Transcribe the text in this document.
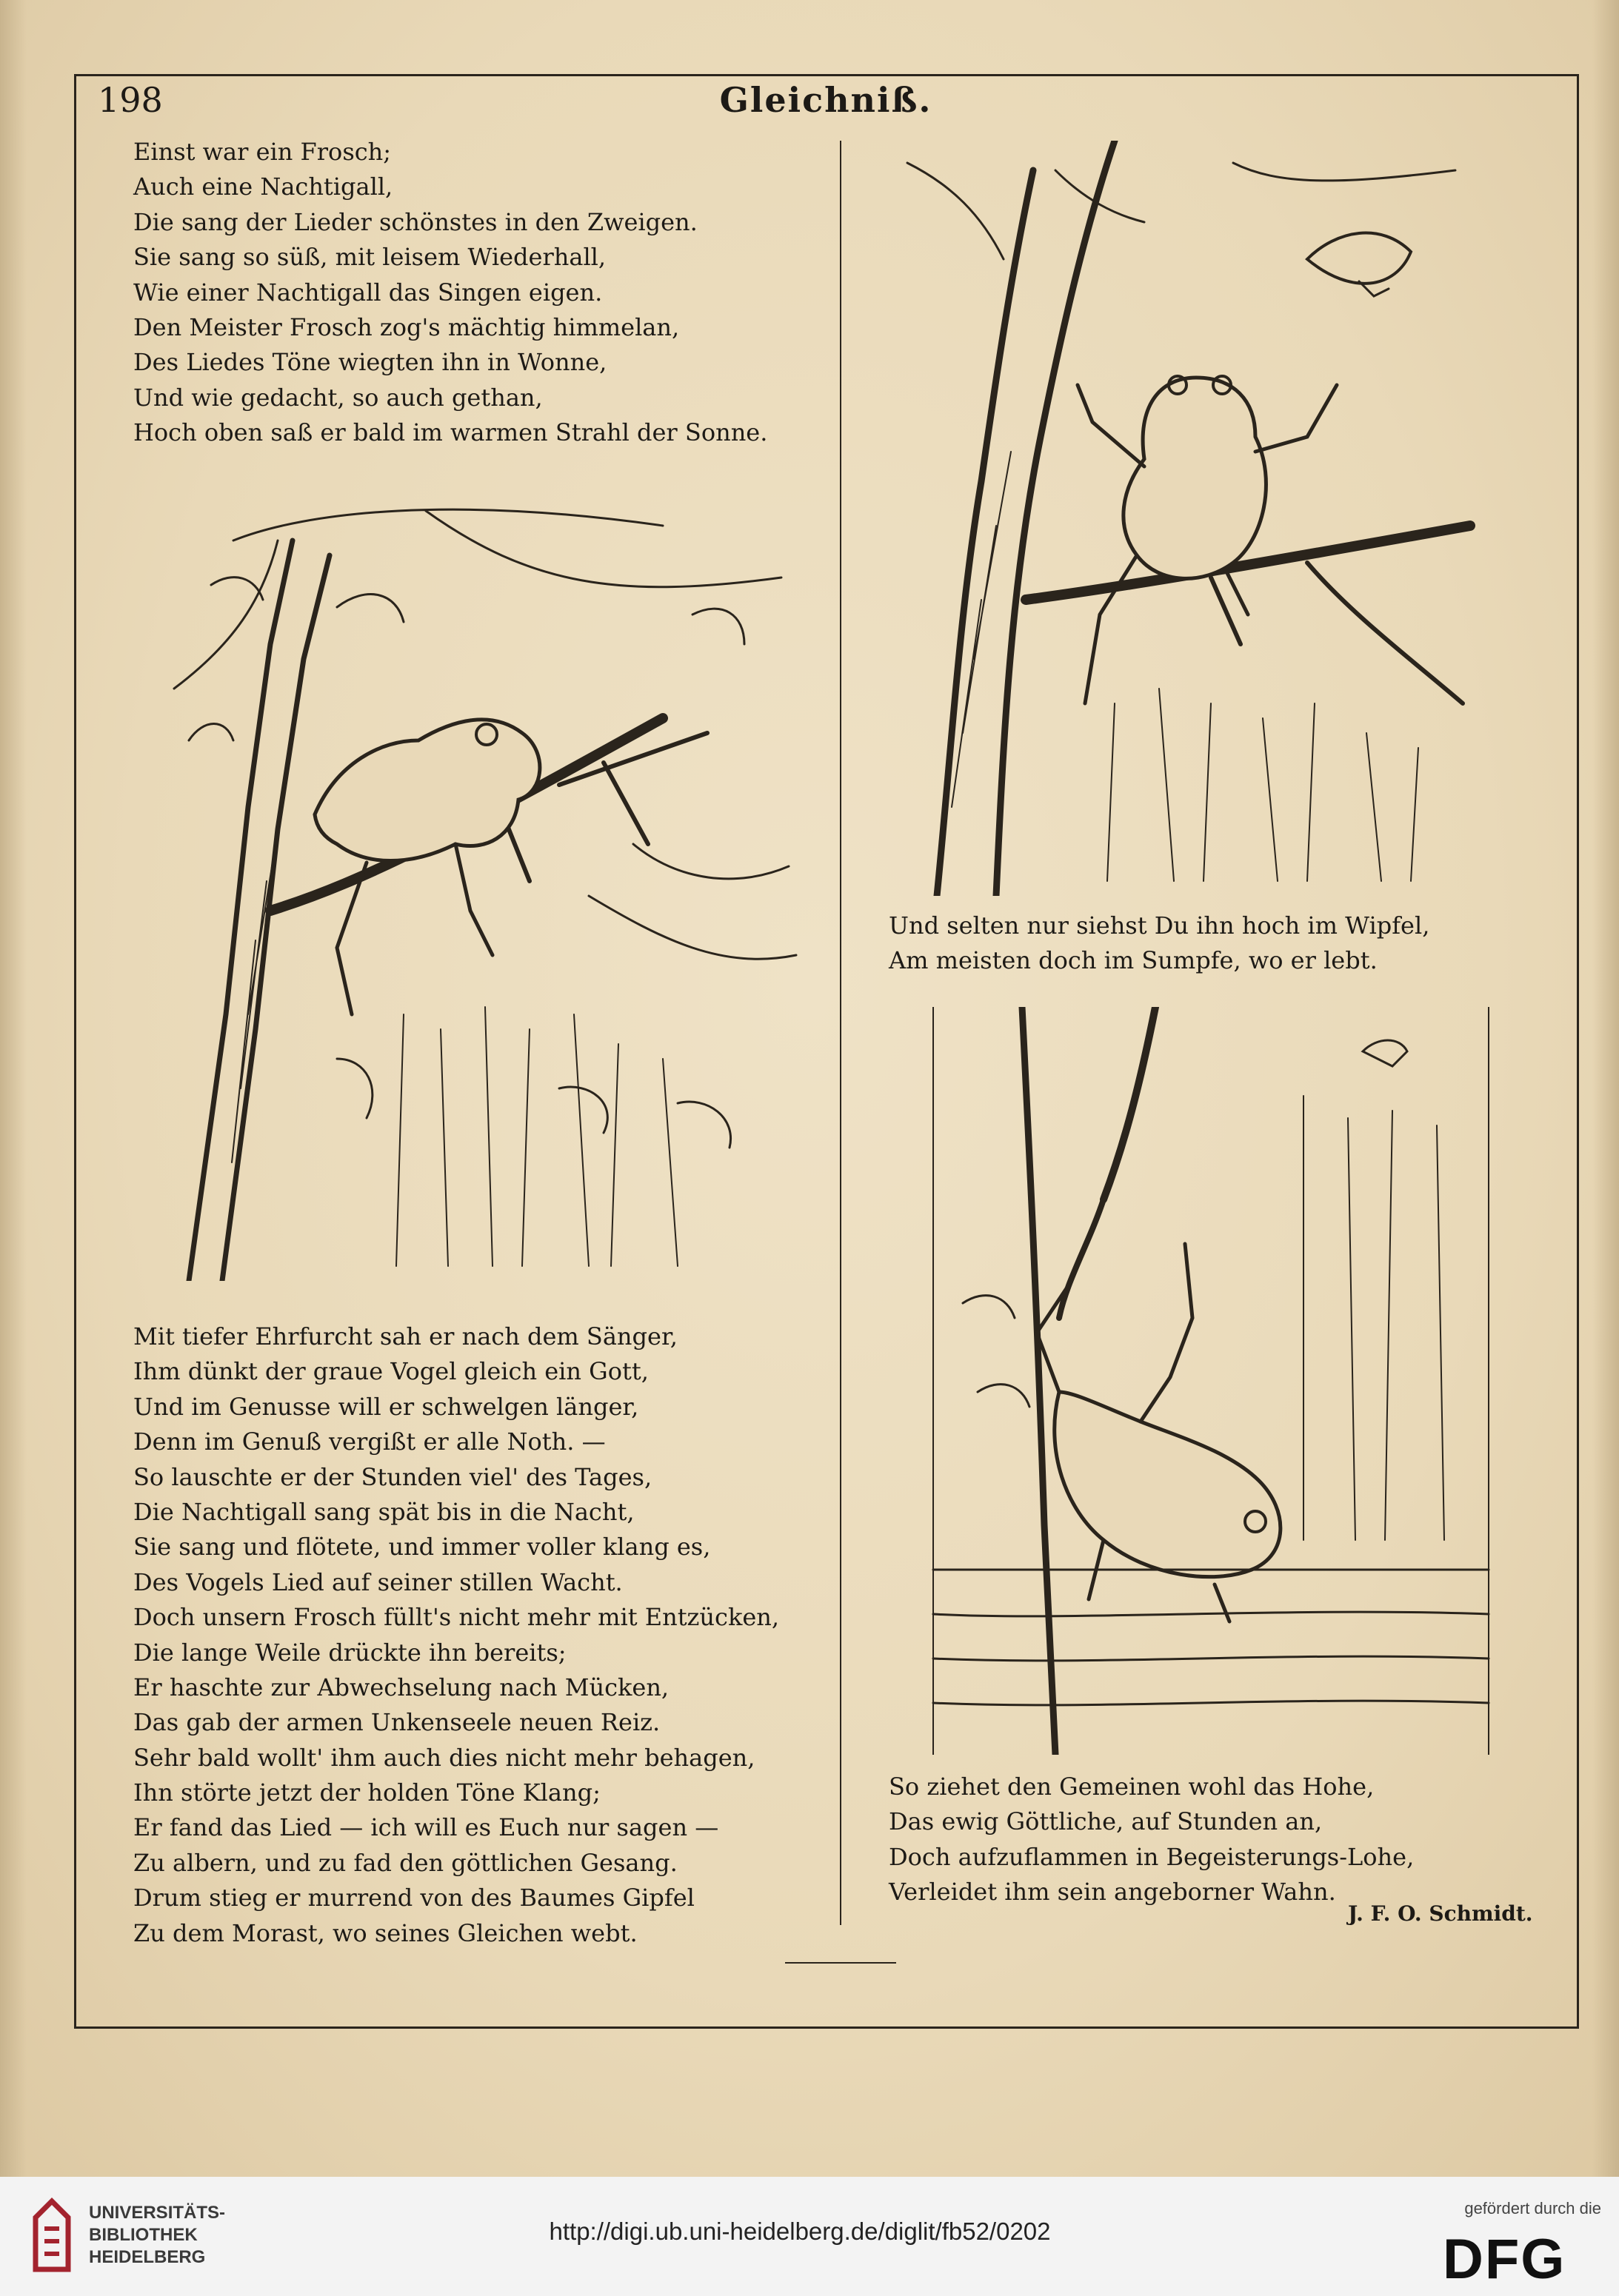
198	Gleichniß.
Einst war ein Frosch;
Auch eine Nachtigall,
Die sang der Lieder schönstes in den Zweigen.
Sie sang so süß, mit leisem Wiederhall,
Wie einer Nachtigall das Singen eigen.
Den Meister Frosch zog's mächtig himmelan,
Des Liedes Töne wiegten ihn in Wonne,
Und wie gedacht, so auch gethan,
Hoch oben saß er bald im warmen Strahl der Sonne.
Mit tiefer Ehrfurcht sah er nach dem Sänger,
Ihm dünkt der graue Vogel gleich ein Gott,
Und im Genusse will er schwelgen länger,
Denn im Genuß vergißt er alle Noth. —
So lauschte er der Stunden viel' des Tages,
Die Nachtigall sang spät bis in die Nacht,
Sie sang und flötete, und immer voller klang es,
Des Vogels Lied auf seiner stillen Wacht.
Doch unsern Frosch füllt's nicht mehr mit Entzücken,
Die lange Weile drückte ihn bereits;
Er haschte zur Abwechselung nach Mücken,
Das gab der armen Unkenseele neuen Reiz.
Sehr bald wollt' ihm auch dies nicht mehr behagen,
Ihn störte jetzt der holden Töne Klang;
Er fand das Lied — ich will es Euch nur sagen —
Zu albern, und zu fad den göttlichen Gesang.
Drum stieg er murrend von des Baumes Gipfel
Zu dem Morast, wo seines Gleichen webt.
Und selten nur siehst Du ihn hoch im Wipfel,
Am meisten doch im Sumpfe, wo er lebt.
So ziehet den Gemeinen wohl das Hohe,
Das ewig Göttliche, auf Stunden an,
Doch aufzuflammen in Begeisterungs-Lohe,
Verleidet ihm sein angeborner Wahn.
J. F. O. Schmidt.
UNIVERSITÄTS-
BIBLIOTHEK
HEIDELBERG
http://digi.ub.uni-heidelberg.de/diglit/fb52/0202
gefördert durch die
DFG
